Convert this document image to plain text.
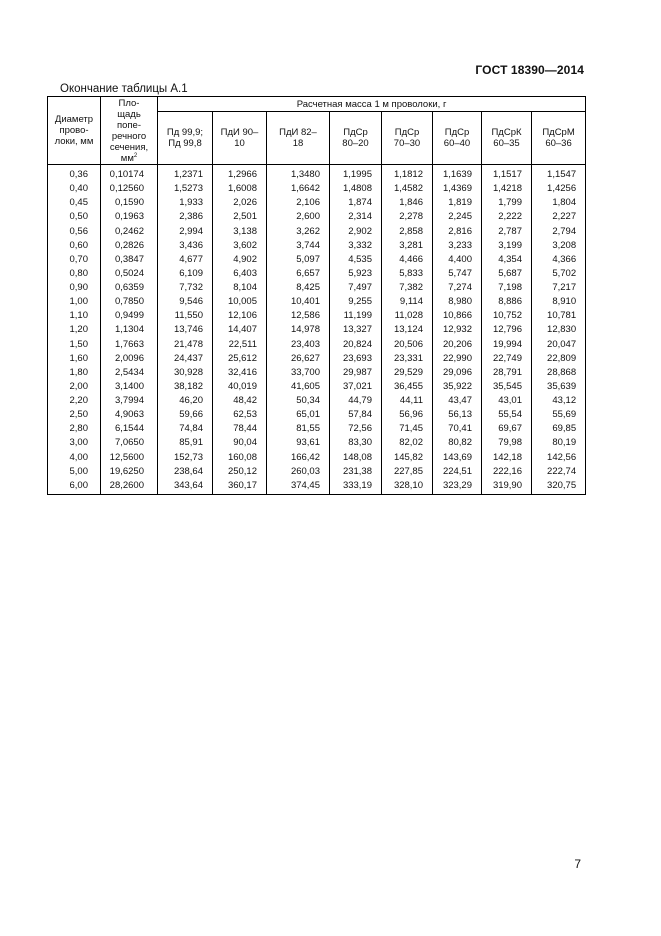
ГОСТ 18390—2014
Окончание таблицы А.1
Диаметр прово-локи, мм	Пло-щадь попе-речного сечения, $мм^2$	Расчетная масса 1 м проволоки, г							

		Пд 99,9; Пд 99,8	ПдИ 90–10	ПдИ 82–18	ПдСр 80–20	ПдСр 70–30	ПдСр 60–40	ПдСрК 60–35	ПдСрМ 60–36

0,36	0,10174	1,2371	1,2966	1,3480	1,1995	1,1812	1,1639	1,1517	1,1547
0,40	0,12560	1,5273	1,6008	1,6642	1,4808	1,4582	1,4369	1,4218	1,4256
0,45	0,1590	1,933	2,026	2,106	1,874	1,846	1,819	1,799	1,804
0,50	0,1963	2,386	2,501	2,600	2,314	2,278	2,245	2,222	2,227
0,56	0,2462	2,994	3,138	3,262	2,902	2,858	2,816	2,787	2,794
0,60	0,2826	3,436	3,602	3,744	3,332	3,281	3,233	3,199	3,208
0,70	0,3847	4,677	4,902	5,097	4,535	4,466	4,400	4,354	4,366
0,80	0,5024	6,109	6,403	6,657	5,923	5,833	5,747	5,687	5,702
0,90	0,6359	7,732	8,104	8,425	7,497	7,382	7,274	7,198	7,217
1,00	0,7850	9,546	10,005	10,401	9,255	9,114	8,980	8,886	8,910
1,10	0,9499	11,550	12,106	12,586	11,199	11,028	10,866	10,752	10,781
1,20	1,1304	13,746	14,407	14,978	13,327	13,124	12,932	12,796	12,830
1,50	1,7663	21,478	22,511	23,403	20,824	20,506	20,206	19,994	20,047
1,60	2,0096	24,437	25,612	26,627	23,693	23,331	22,990	22,749	22,809
1,80	2,5434	30,928	32,416	33,700	29,987	29,529	29,096	28,791	28,868
2,00	3,1400	38,182	40,019	41,605	37,021	36,455	35,922	35,545	35,639
2,20	3,7994	46,20	48,42	50,34	44,79	44,11	43,47	43,01	43,12
2,50	4,9063	59,66	62,53	65,01	57,84	56,96	56,13	55,54	55,69
2,80	6,1544	74,84	78,44	81,55	72,56	71,45	70,41	69,67	69,85
3,00	7,0650	85,91	90,04	93,61	83,30	82,02	80,82	79,98	80,19
4,00	12,5600	152,73	160,08	166,42	148,08	145,82	143,69	142,18	142,56
5,00	19,6250	238,64	250,12	260,03	231,38	227,85	224,51	222,16	222,74
6,00	28,2600	343,64	360,17	374,45	333,19	328,10	323,29	319,90	320,75
7
